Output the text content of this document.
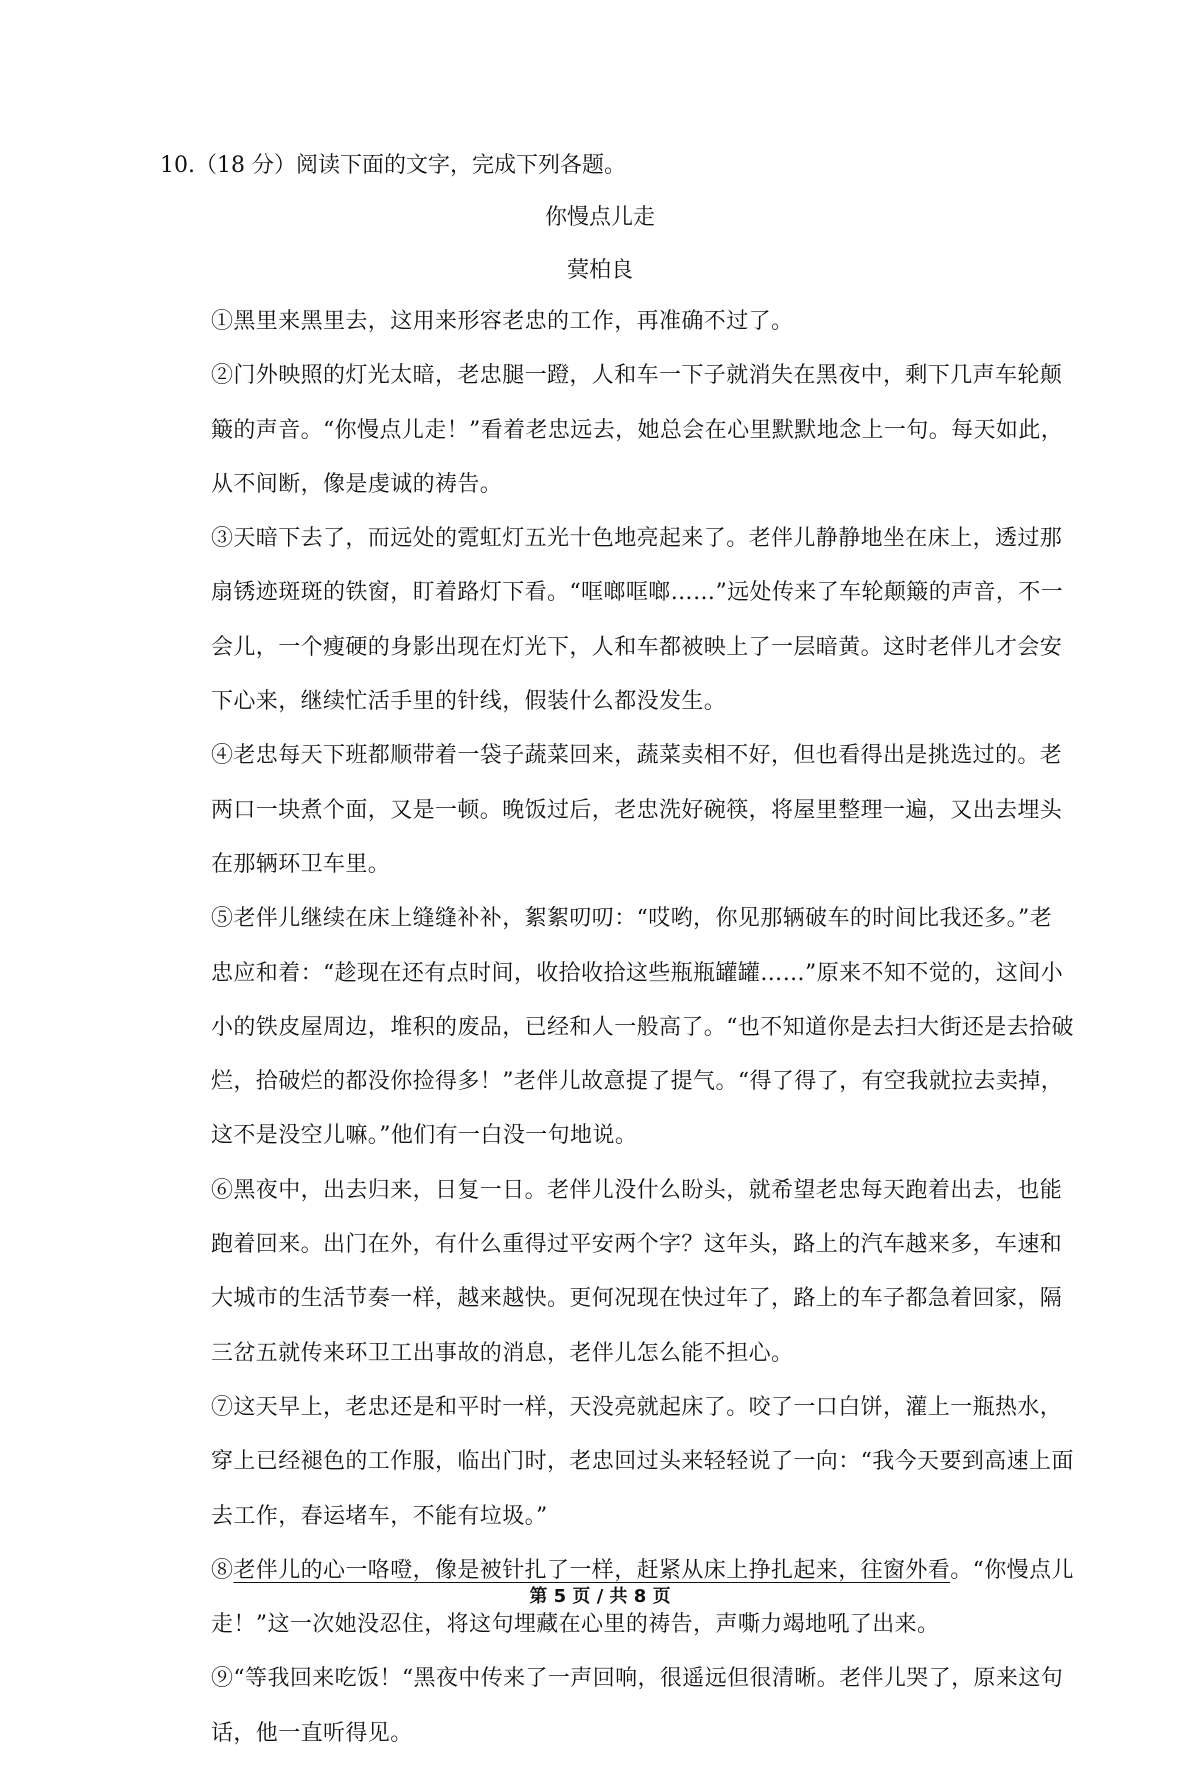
10.（18 分）阅读下面的文字，完成下列各题。
你慢点儿走
蓂柏良
①黑里来黑里去，这用来形容老忠的工作，再准确不过了。
②门外映照的灯光太暗，老忠腿一蹬，人和车一下子就消失在黑夜中，剩下几声车轮颠
簸的声音。“你慢点儿走！”看着老忠远去，她总会在心里默默地念上一句。每天如此，
从不间断，像是虔诚的祷告。
③天暗下去了，而远处的霓虹灯五光十色地亮起来了。老伴儿静静地坐在床上，透过那
扇锈迹斑斑的铁窗，盯着路灯下看。“哐啷哐啷……”远处传来了车轮颠簸的声音，不一
会儿，一个瘦硬的身影出现在灯光下，人和车都被映上了一层暗黄。这时老伴儿才会安
下心来，继续忙活手里的针线，假装什么都没发生。
④老忠每天下班都顺带着一袋子蔬菜回来，蔬菜卖相不好，但也看得出是挑选过的。老
两口一块煮个面，又是一顿。晚饭过后，老忠洗好碗筷，将屋里整理一遍，又出去埋头
在那辆环卫车里。
⑤老伴儿继续在床上缝缝补补，絮絮叨叨：“哎哟，你见那辆破车的时间比我还多。”老
忠应和着：“趁现在还有点时间，收拾收拾这些瓶瓶罐罐……”原来不知不觉的，这间小
小的铁皮屋周边，堆积的废品，已经和人一般高了。“也不知道你是去扫大街还是去拾破
烂，拾破烂的都没你捡得多！”老伴儿故意提了提气。“得了得了，有空我就拉去卖掉，
这不是没空儿嘛。”他们有一白没一句地说。
⑥黑夜中，出去归来，日复一日。老伴儿没什么盼头，就希望老忠每天跑着出去，也能
跑着回来。出门在外，有什么重得过平安两个字？这年头，路上的汽车越来多，车速和
大城市的生活节奏一样，越来越快。更何况现在快过年了，路上的车子都急着回家，隔
三岔五就传来环卫工出事故的消息，老伴儿怎么能不担心。
⑦这天早上，老忠还是和平时一样，天没亮就起床了。咬了一口白饼，灌上一瓶热水，
穿上已经褪色的工作服，临出门时，老忠回过头来轻轻说了一向：“我今天要到高速上面
去工作，春运堵车，不能有垃圾。”
⑧老伴儿的心一咯噔，像是被针扎了一样，赶紧从床上挣扎起来，往窗外看。“你慢点儿
走！”这一次她没忍住，将这句埋藏在心里的祷告，声嘶力竭地吼了出来。
⑨“等我回来吃饭！“黑夜中传来了一声回响，很遥远但很清晰。老伴儿哭了，原来这句
话，他一直听得见。
第 5 页 / 共 8 页
